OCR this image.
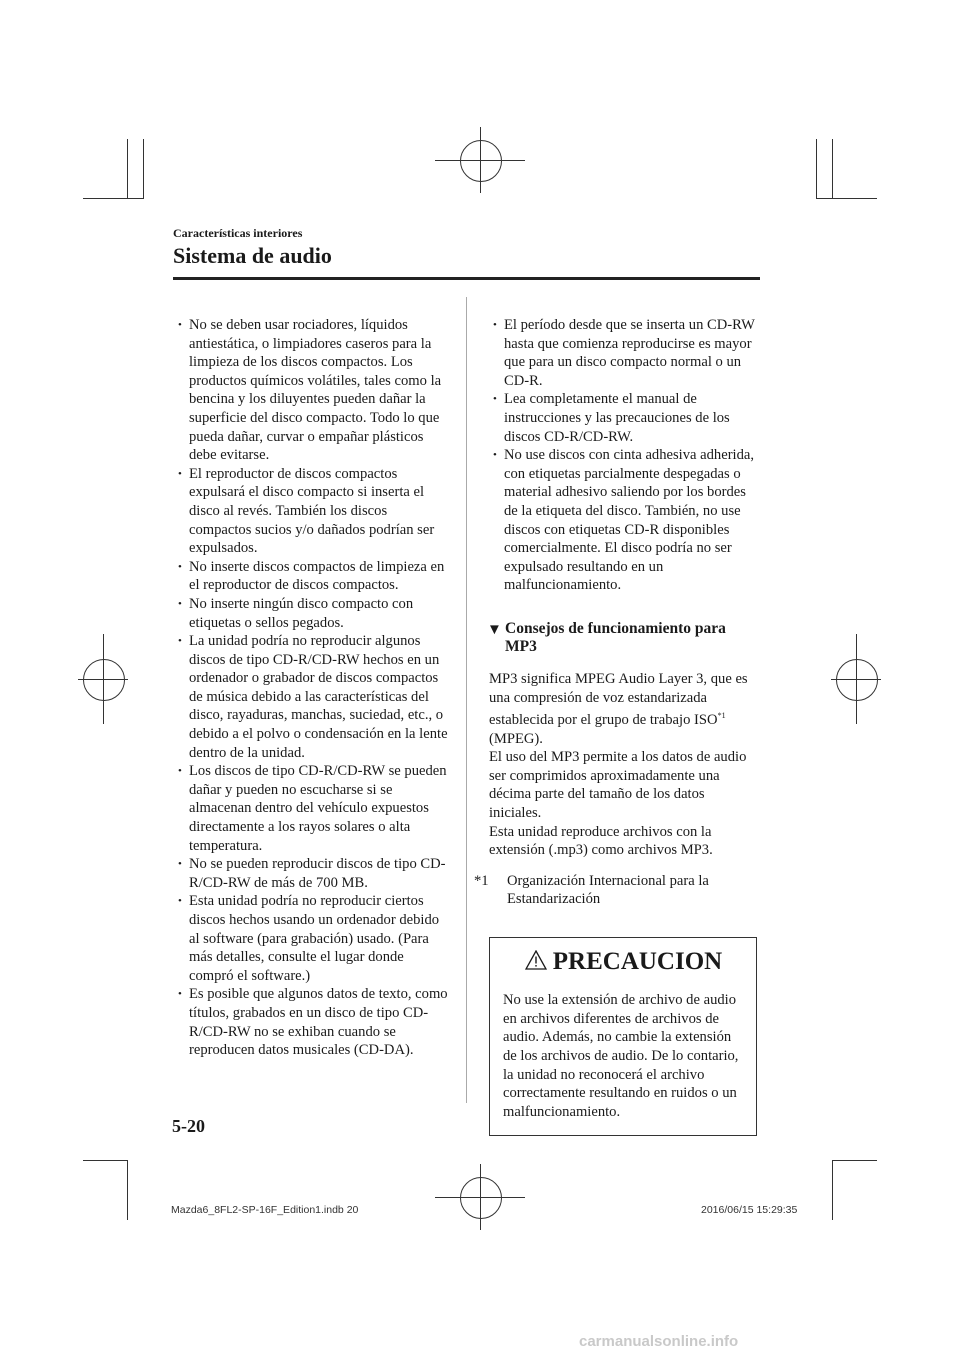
Características interiores
Sistema de audio
• No se deben usar rociadores, líquidos antiestática, o limpiadores caseros para la limpieza de los discos compactos. Los productos químicos volátiles, tales como la bencina y los diluyentes pueden dañar la superficie del disco compacto. Todo lo que pueda dañar, curvar o empañar plásticos debe evitarse.
• El reproductor de discos compactos expulsará el disco compacto si inserta el disco al revés. También los discos compactos sucios y/o dañados podrían ser expulsados.
• No inserte discos compactos de limpieza en el reproductor de discos compactos.
• No inserte ningún disco compacto con etiquetas o sellos pegados.
• La unidad podría no reproducir algunos discos de tipo CD-R/CD-RW hechos en un ordenador o grabador de discos compactos de música debido a las características del disco, rayaduras, manchas, suciedad, etc., o debido a el polvo o condensación en la lente dentro de la unidad.
• Los discos de tipo CD-R/CD-RW se pueden dañar y pueden no escucharse si se almacenan dentro del vehículo expuestos directamente a los rayos solares o alta temperatura.
• No se pueden reproducir discos de tipo CD-R/CD-RW de más de 700 MB.
• Esta unidad podría no reproducir ciertos discos hechos usando un ordenador debido al software (para grabación) usado. (Para más detalles, consulte el lugar donde compró el software.)
• Es posible que algunos datos de texto, como títulos, grabados en un disco de tipo CD-R/CD-RW no se exhiban cuando se reproducen datos musicales (CD-DA).
• El período desde que se inserta un CD-RW hasta que comienza reproducirse es mayor que para un disco compacto normal o un CD-R.
• Lea completamente el manual de instrucciones y las precauciones de los discos CD-R/CD-RW.
• No use discos con cinta adhesiva adherida, con etiquetas parcialmente despegadas o material adhesivo saliendo por los bordes de la etiqueta del disco. También, no use discos con etiquetas CD-R disponibles comercialmente. El disco podría no ser expulsado resultando en un malfuncionamiento.
▼ Consejos de funcionamiento para MP3
MP3 significa MPEG Audio Layer 3, que es una compresión de voz estandarizada establecida por el grupo de trabajo ISO$^{*1}$
(MPEG).
El uso del MP3 permite a los datos de audio ser comprimidos aproximadamente una décima parte del tamaño de los datos iniciales.
Esta unidad reproduce archivos con la extensión (.mp3) como archivos MP3.
*1	Organización Internacional para la Estandarización
PRECAUCION
No use la extensión de archivo de audio en archivos diferentes de archivos de audio. Además, no cambie la extensión de los archivos de audio. De lo contario, la unidad no reconocerá el archivo correctamente resultando en ruidos o un malfuncionamiento.
5-20
Mazda6_8FL2-SP-16F_Edition1.indb 20	2016/06/15 15:29:35
carmanualsonline.info
